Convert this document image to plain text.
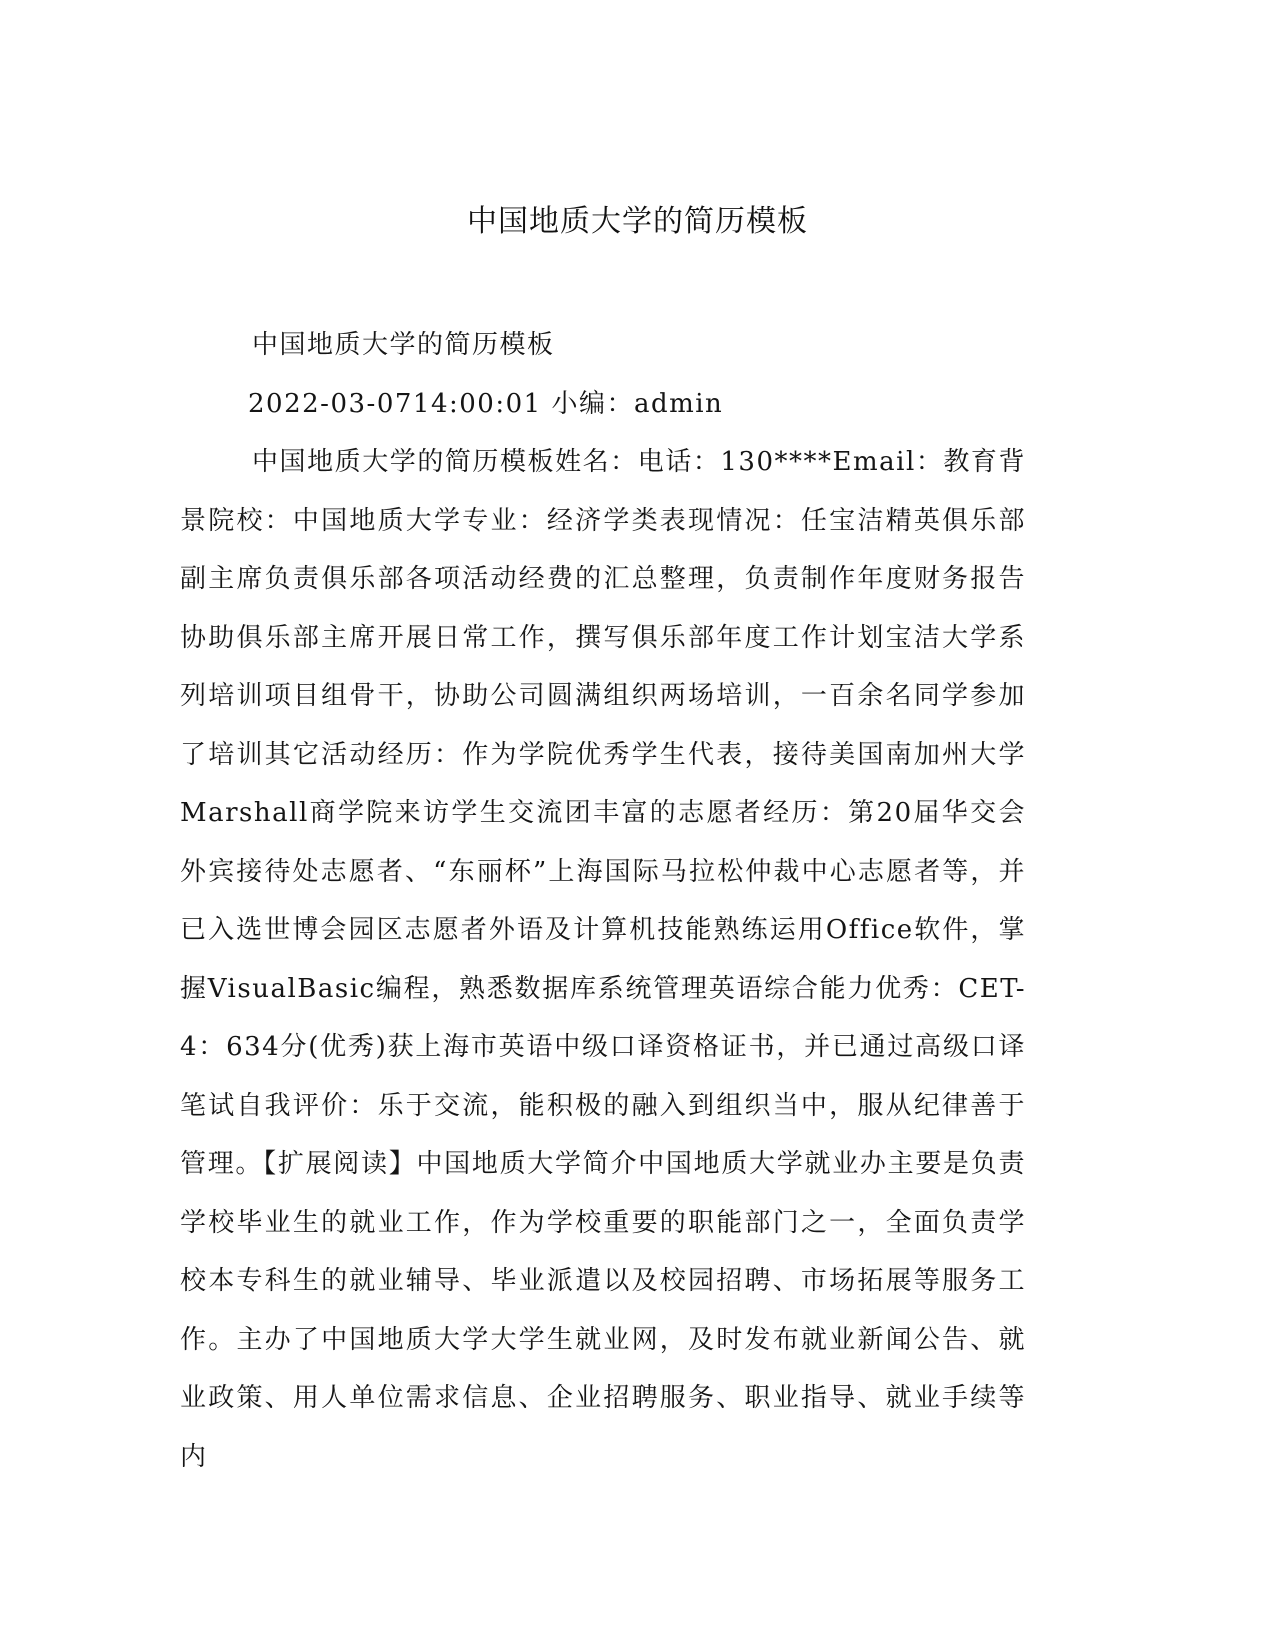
中国地质大学的简历模板
中国地质大学的简历模板
2022-03-0714:00:01 小编：admin
中国地质大学的简历模板姓名：电话：130****Email：教育背景院校：中国地质大学专业：经济学类表现情况：任宝洁精英俱乐部副主席负责俱乐部各项活动经费的汇总整理，负责制作年度财务报告协助俱乐部主席开展日常工作，撰写俱乐部年度工作计划宝洁大学系列培训项目组骨干，协助公司圆满组织两场培训，一百余名同学参加了培训其它活动经历：作为学院优秀学生代表，接待美国南加州大学Marshall商学院来访学生交流团丰富的志愿者经历：第20届华交会外宾接待处志愿者、“东丽杯”上海国际马拉松仲裁中心志愿者等，并已入选世博会园区志愿者外语及计算机技能熟练运用Office软件，掌握VisualBasic编程，熟悉数据库系统管理英语综合能力优秀：CET-4：634分(优秀)获上海市英语中级口译资格证书，并已通过高级口译笔试自我评价：乐于交流，能积极的融入到组织当中，服从纪律善于管理。【扩展阅读】中国地质大学简介中国地质大学就业办主要是负责学校毕业生的就业工作，作为学校重要的职能部门之一，全面负责学校本专科生的就业辅导、毕业派遣以及校园招聘、市场拓展等服务工作。主办了中国地质大学大学生就业网，及时发布就业新闻公告、就业政策、用人单位需求信息、企业招聘服务、职业指导、就业手续等内
